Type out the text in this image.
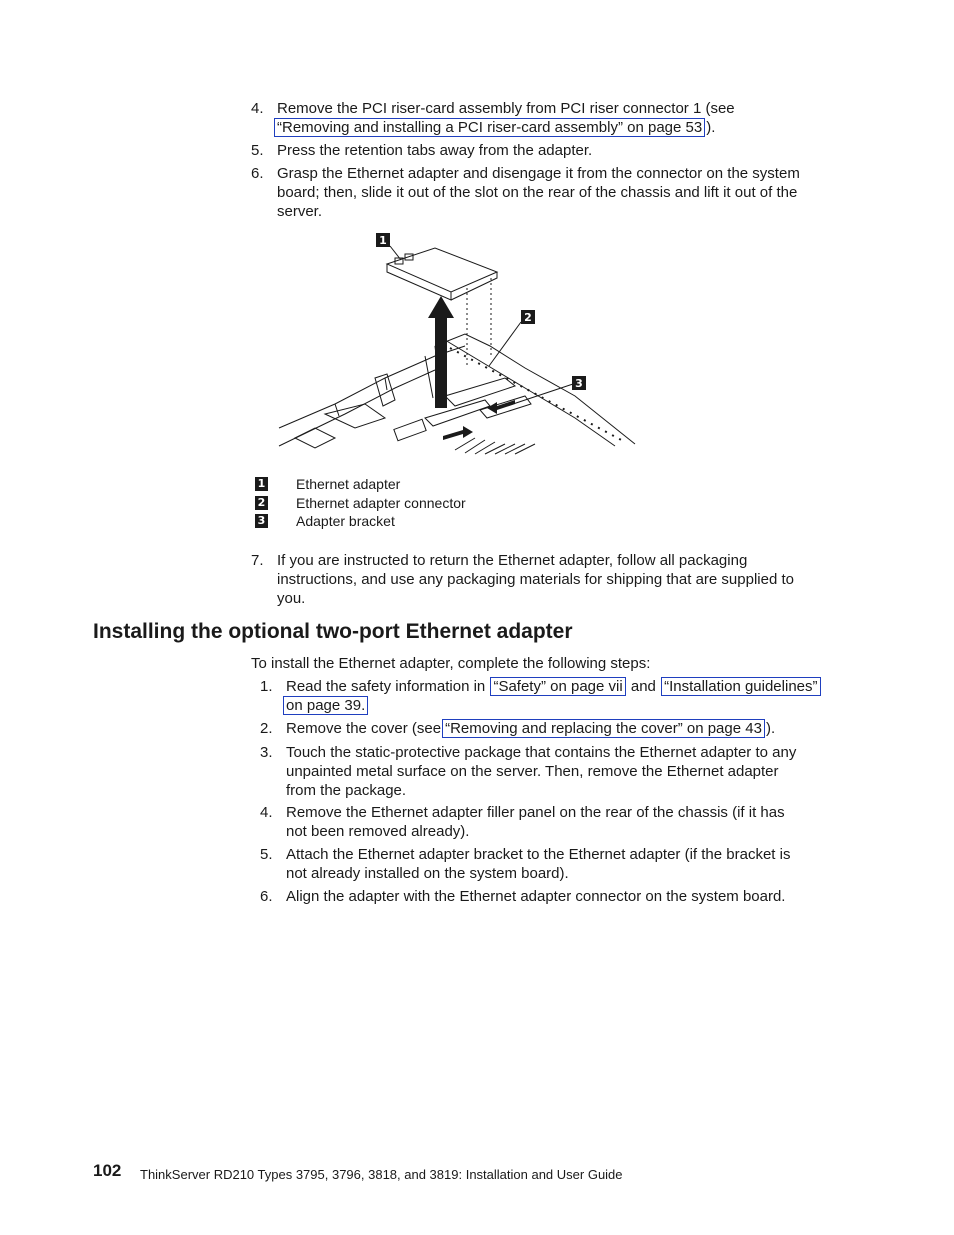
4. Remove the PCI riser-card assembly from PCI riser connector 1 (see
“Removing and installing a PCI riser-card assembly” on page 53 ).
5. Press the retention tabs away from the adapter.
6. Grasp the Ethernet adapter and disengage it from the connector on the system
board; then, slide it out of the slot on the rear of the chassis and lift it out of the
server.
1
2
3
1 Ethernet adapter
2 Ethernet adapter connector
3 Adapter bracket
7. If you are instructed to return the Ethernet adapter, follow all packaging
instructions, and use any packaging materials for shipping that are supplied to
you.
Installing the optional two-port Ethernet adapter
To install the Ethernet adapter, complete the following steps:
1. Read the safety information in “Safety” on page vii and “Installation guidelines”
on page 39.
2. Remove the cover (see “Removing and replacing the cover” on page 43 ).
3. Touch the static-protective package that contains the Ethernet adapter to any
unpainted metal surface on the server. Then, remove the Ethernet adapter
from the package.
4. Remove the Ethernet adapter filler panel on the rear of the chassis (if it has
not been removed already).
5. Attach the Ethernet adapter bracket to the Ethernet adapter (if the bracket is
not already installed on the system board).
6. Align the adapter with the Ethernet adapter connector on the system board.
102 ThinkServer RD210 Types 3795, 3796, 3818, and 3819: Installation and User Guide
